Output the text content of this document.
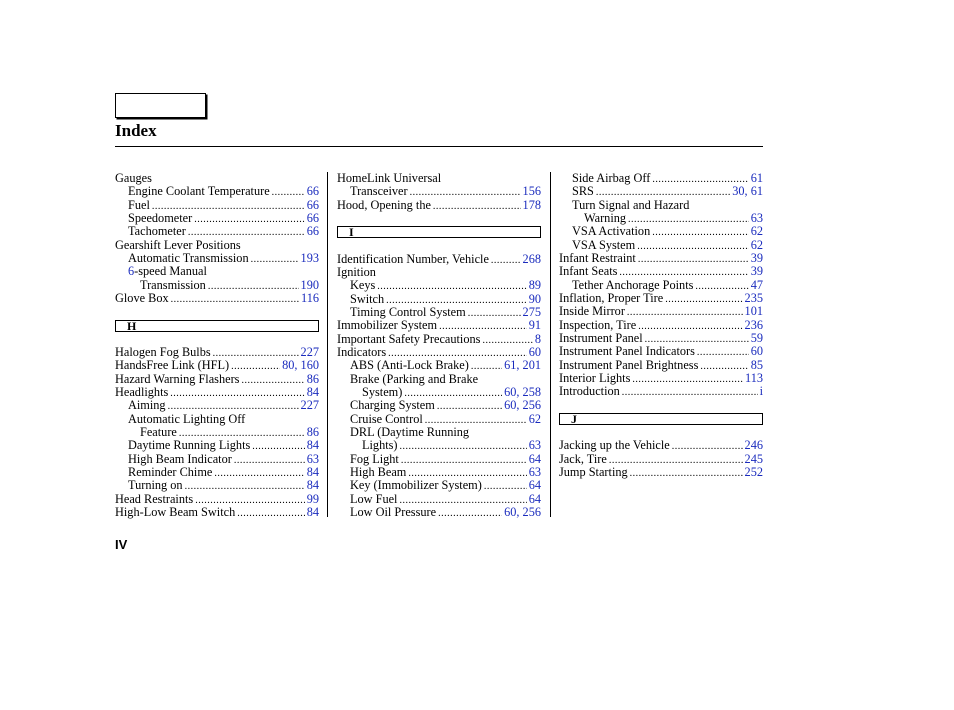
Index
Gauges
Engine Coolant Temperature .....	66
Fuel .....	66
Speedometer .....	66
Tachometer .....	66
Gearshift Lever Positions
Automatic Transmission .....	193
6-speed Manual
Transmission .....	190
Glove Box .....	116
H
Halogen Fog Bulbs .....	227
HandsFree Link (HFL) .....	80, 160
Hazard Warning Flashers .....	86
Headlights .....	84
Aiming .....	227
Automatic Lighting Off
Feature .....	86
Daytime Running Lights .....	84
High Beam Indicator .....	63
Reminder Chime .....	84
Turning on .....	84
Head Restraints .....	99
High-Low Beam Switch .....	84
HomeLink Universal
Transceiver .....	156
Hood, Opening the .....	178
I
Identification Number, Vehicle .....	268
Ignition
Keys .....	89
Switch .....	90
Timing Control System .....	275
Immobilizer System .....	91
Important Safety Precautions .....	8
Indicators .....	60
ABS (Anti-Lock Brake) .....	61, 201
Brake (Parking and Brake
System) .....	60, 258
Charging System .....	60, 256
Cruise Control .....	62
DRL (Daytime Running
Lights) .....	63
Fog Light .....	64
High Beam .....	63
Key (Immobilizer System) .....	64
Low Fuel .....	64
Low Oil Pressure .....	60, 256
Side Airbag Off .....	61
SRS .....	30, 61
Turn Signal and Hazard
Warning .....	63
VSA Activation .....	62
VSA System .....	62
Infant Restraint .....	39
Infant Seats .....	39
Tether Anchorage Points .....	47
Inflation, Proper Tire .....	235
Inside Mirror .....	101
Inspection, Tire .....	236
Instrument Panel .....	59
Instrument Panel Indicators .....	60
Instrument Panel Brightness .....	85
Interior Lights .....	113
Introduction .....	i
J
Jacking up the Vehicle .....	246
Jack, Tire .....	245
Jump Starting .....	252
IV
